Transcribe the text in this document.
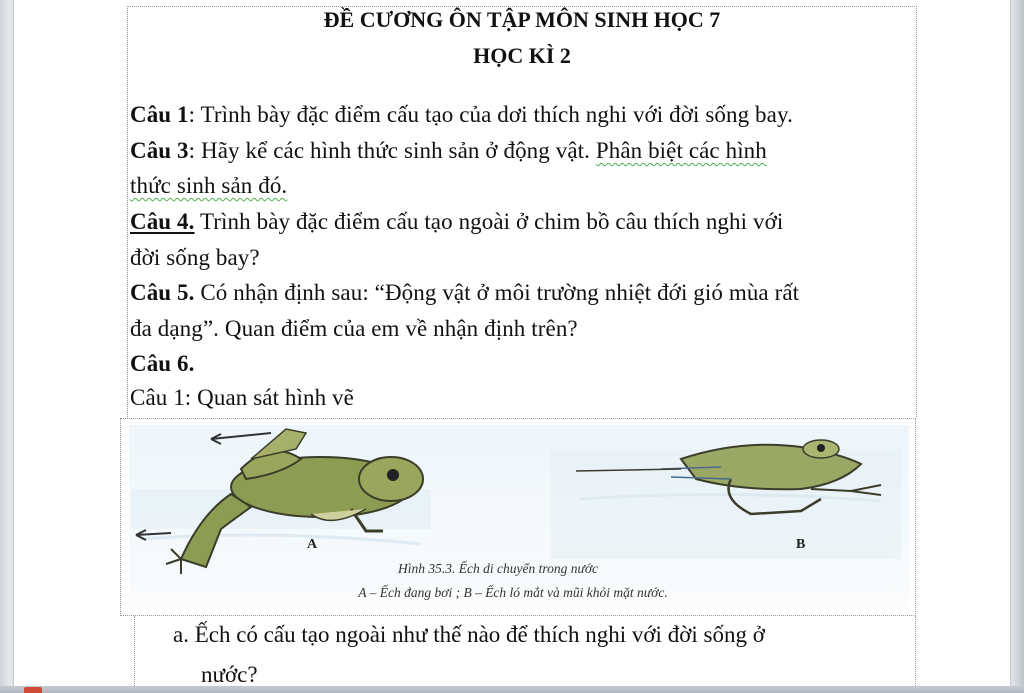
ĐỀ CƯƠNG ÔN TẬP MÔN SINH HỌC 7
HỌC KÌ 2
Câu 1: Trình bày đặc điểm cấu tạo của dơi thích nghi với đời sống bay.
Câu 3: Hãy kể các hình thức sinh sản ở động vật. Phân biệt các hình
thức sinh sản đó.
Câu 4. Trình bày đặc điểm cấu tạo ngoài ở chim bồ câu thích nghi với
đời sống bay?
Câu 5. Có nhận định sau: “Động vật ở môi trường nhiệt đới gió mùa rất
đa dạng”. Quan điểm của em về nhận định trên?
Câu 6.
Câu 1: Quan sát hình vẽ
A	B
Hình 35.3. Ếch di chuyển trong nước
A – Ếch đang bơi ; B – Ếch ló mắt và mũi khỏi mặt nước.
a. Ếch có cấu tạo ngoài như thế nào để thích nghi với đời sống ở
nước?
